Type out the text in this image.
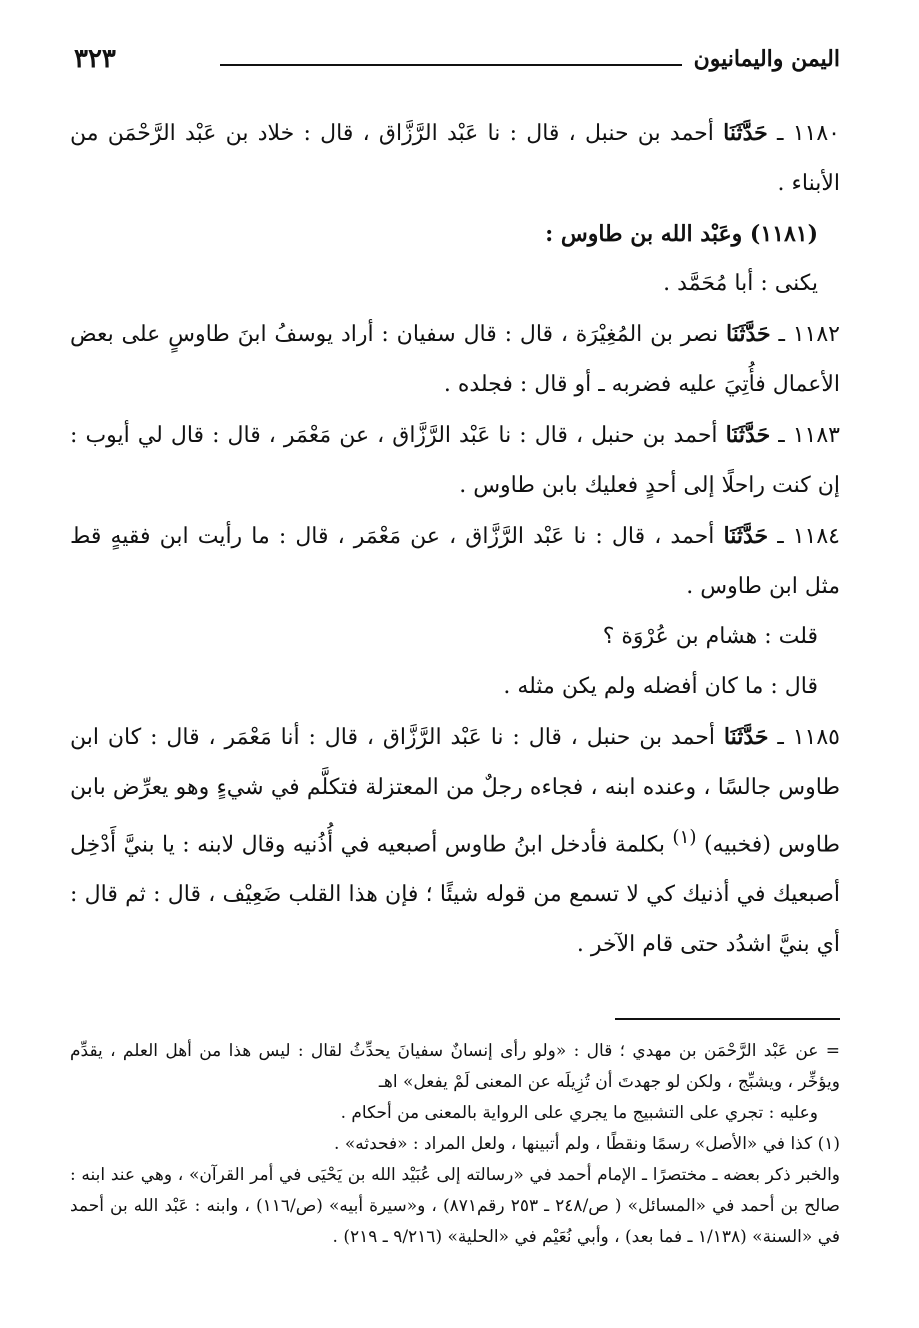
اليمن واليمانيون
٣٢٣

١١٨٠ ـ حَدَّثَنَا أحمد بن حنبل ، قال : نا عَبْد الرَّزَّاق ، قال : خلاد بن عَبْد الرَّحْمَن من الأبناء .

(١١٨١) وعَبْد الله بن طاوس :

يكنى : أبا مُحَمَّد .

١١٨٢ ـ حَدَّثَنَا نصر بن المُغِيْرَة ، قال : قال سفيان : أراد يوسفُ ابنَ طاوسٍ على بعض الأعمال فأُتِيَ عليه فضربه ـ أو قال : فجلده .

١١٨٣ ـ حَدَّثَنَا أحمد بن حنبل ، قال : نا عَبْد الرَّزَّاق ، عن مَعْمَر ، قال : قال لي أيوب : إن كنت راحلًا إلى أحدٍ فعليك بابن طاوس .

١١٨٤ ـ حَدَّثَنَا أحمد ، قال : نا عَبْد الرَّزَّاق ، عن مَعْمَر ، قال : ما رأيت ابن فقيهٍ قط مثل ابن طاوس .

قلت : هشام بن عُرْوَة ؟

قال : ما كان أفضله ولم يكن مثله .

١١٨٥ ـ حَدَّثَنَا أحمد بن حنبل ، قال : نا عَبْد الرَّزَّاق ، قال : أنا مَعْمَر ، قال : كان ابن طاوس جالسًا ، وعنده ابنه ، فجاءه رجلٌ من المعتزلة فتكلَّم في شيءٍ وهو يعرِّض بابن طاوس (فخبيه) $^{(١)}$ بكلمة فأدخل ابنُ طاوس أصبعيه في أُذُنيه وقال لابنه : يا بنيَّ أَدْخِل أصبعيك في أذنيك كي لا تسمع من قوله شيئًا ؛ فإن هذا القلب ضَعِيْف ، قال : ثم قال : أي بنيَّ اشدُد حتى قام الآخر .

= عن عَبْد الرَّحْمَن بن مهدي ؛ قال : «ولو رأى إنسانٌ سفيانَ يحدِّثُ لقال : ليس هذا من أهل العلم ، يقدِّم ويؤخِّر ، ويشبِّج ، ولكن لو جهدتَ أن تُزِيلَه عن المعنى لَمْ يفعل» اهـ

وعليه : تجري على التشبيج ما يجري على الرواية بالمعنى من أحكام .

(١) كذا في «الأصل» رسمًا ونقطًا ، ولم أتبينها ، ولعل المراد : «فحدثه» .

والخبر ذكر بعضه ـ مختصرًا ـ الإمام أحمد في «رسالته إلى عُبَيْد الله بن يَحْيَى في أمر القرآن» ، وهي عند ابنه : صالح بن أحمد في «المسائل» ( ص/٢٤٨ ـ ٢٥٣ رقم٨٧١) ، و«سيرة أبيه» (ص/١١٦) ، وابنه : عَبْد الله بن أحمد في «السنة» (١/١٣٨ ـ فما بعد) ، وأبي نُعَيْم في «الحلية» (٩/٢١٦ ـ ٢١٩) .
